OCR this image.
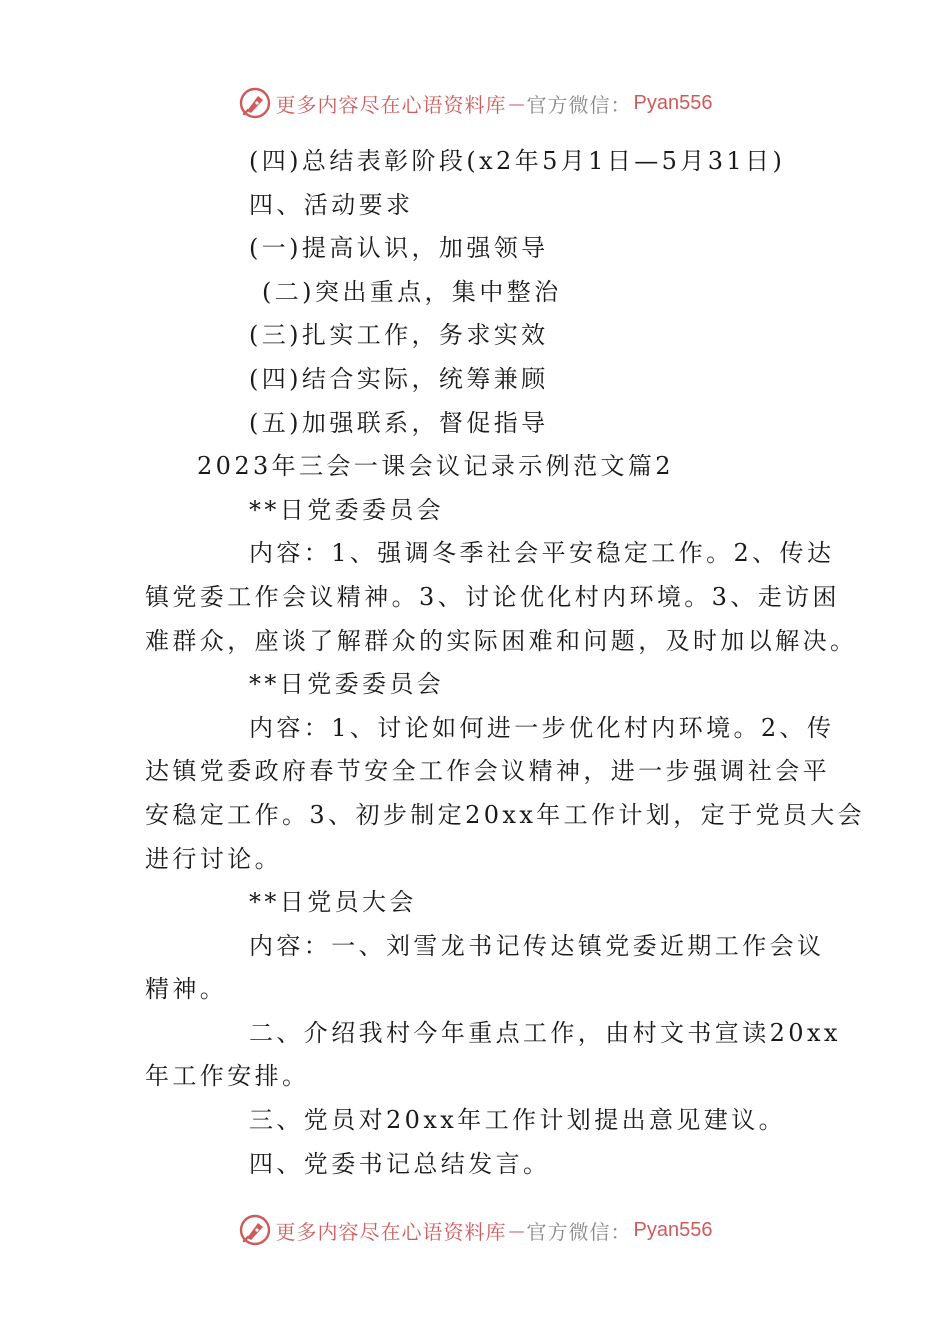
更多内容尽在心语资料库 — 官方微信： Pyan556
(四)总结表彰阶段(x2年5月1日—5月31日)
四、活动要求
(一)提高认识，加强领导
(二)突出重点，集中整治
(三)扎实工作，务求实效
(四)结合实际，统筹兼顾
(五)加强联系，督促指导
2023年三会一课会议记录示例范文篇2
**日党委委员会
内容：1、强调冬季社会平安稳定工作。2、传达
镇党委工作会议精神。3、讨论优化村内环境。3、走访困
难群众，座谈了解群众的实际困难和问题，及时加以解决。
**日党委委员会
内容：1、讨论如何进一步优化村内环境。2、传
达镇党委政府春节安全工作会议精神，进一步强调社会平
安稳定工作。3、初步制定20xx年工作计划，定于党员大会
进行讨论。
**日党员大会
内容：一、刘雪龙书记传达镇党委近期工作会议
精神。
二、介绍我村今年重点工作，由村文书宣读20xx
年工作安排。
三、党员对20xx年工作计划提出意见建议。
四、党委书记总结发言。
更多内容尽在心语资料库 — 官方微信： Pyan556
